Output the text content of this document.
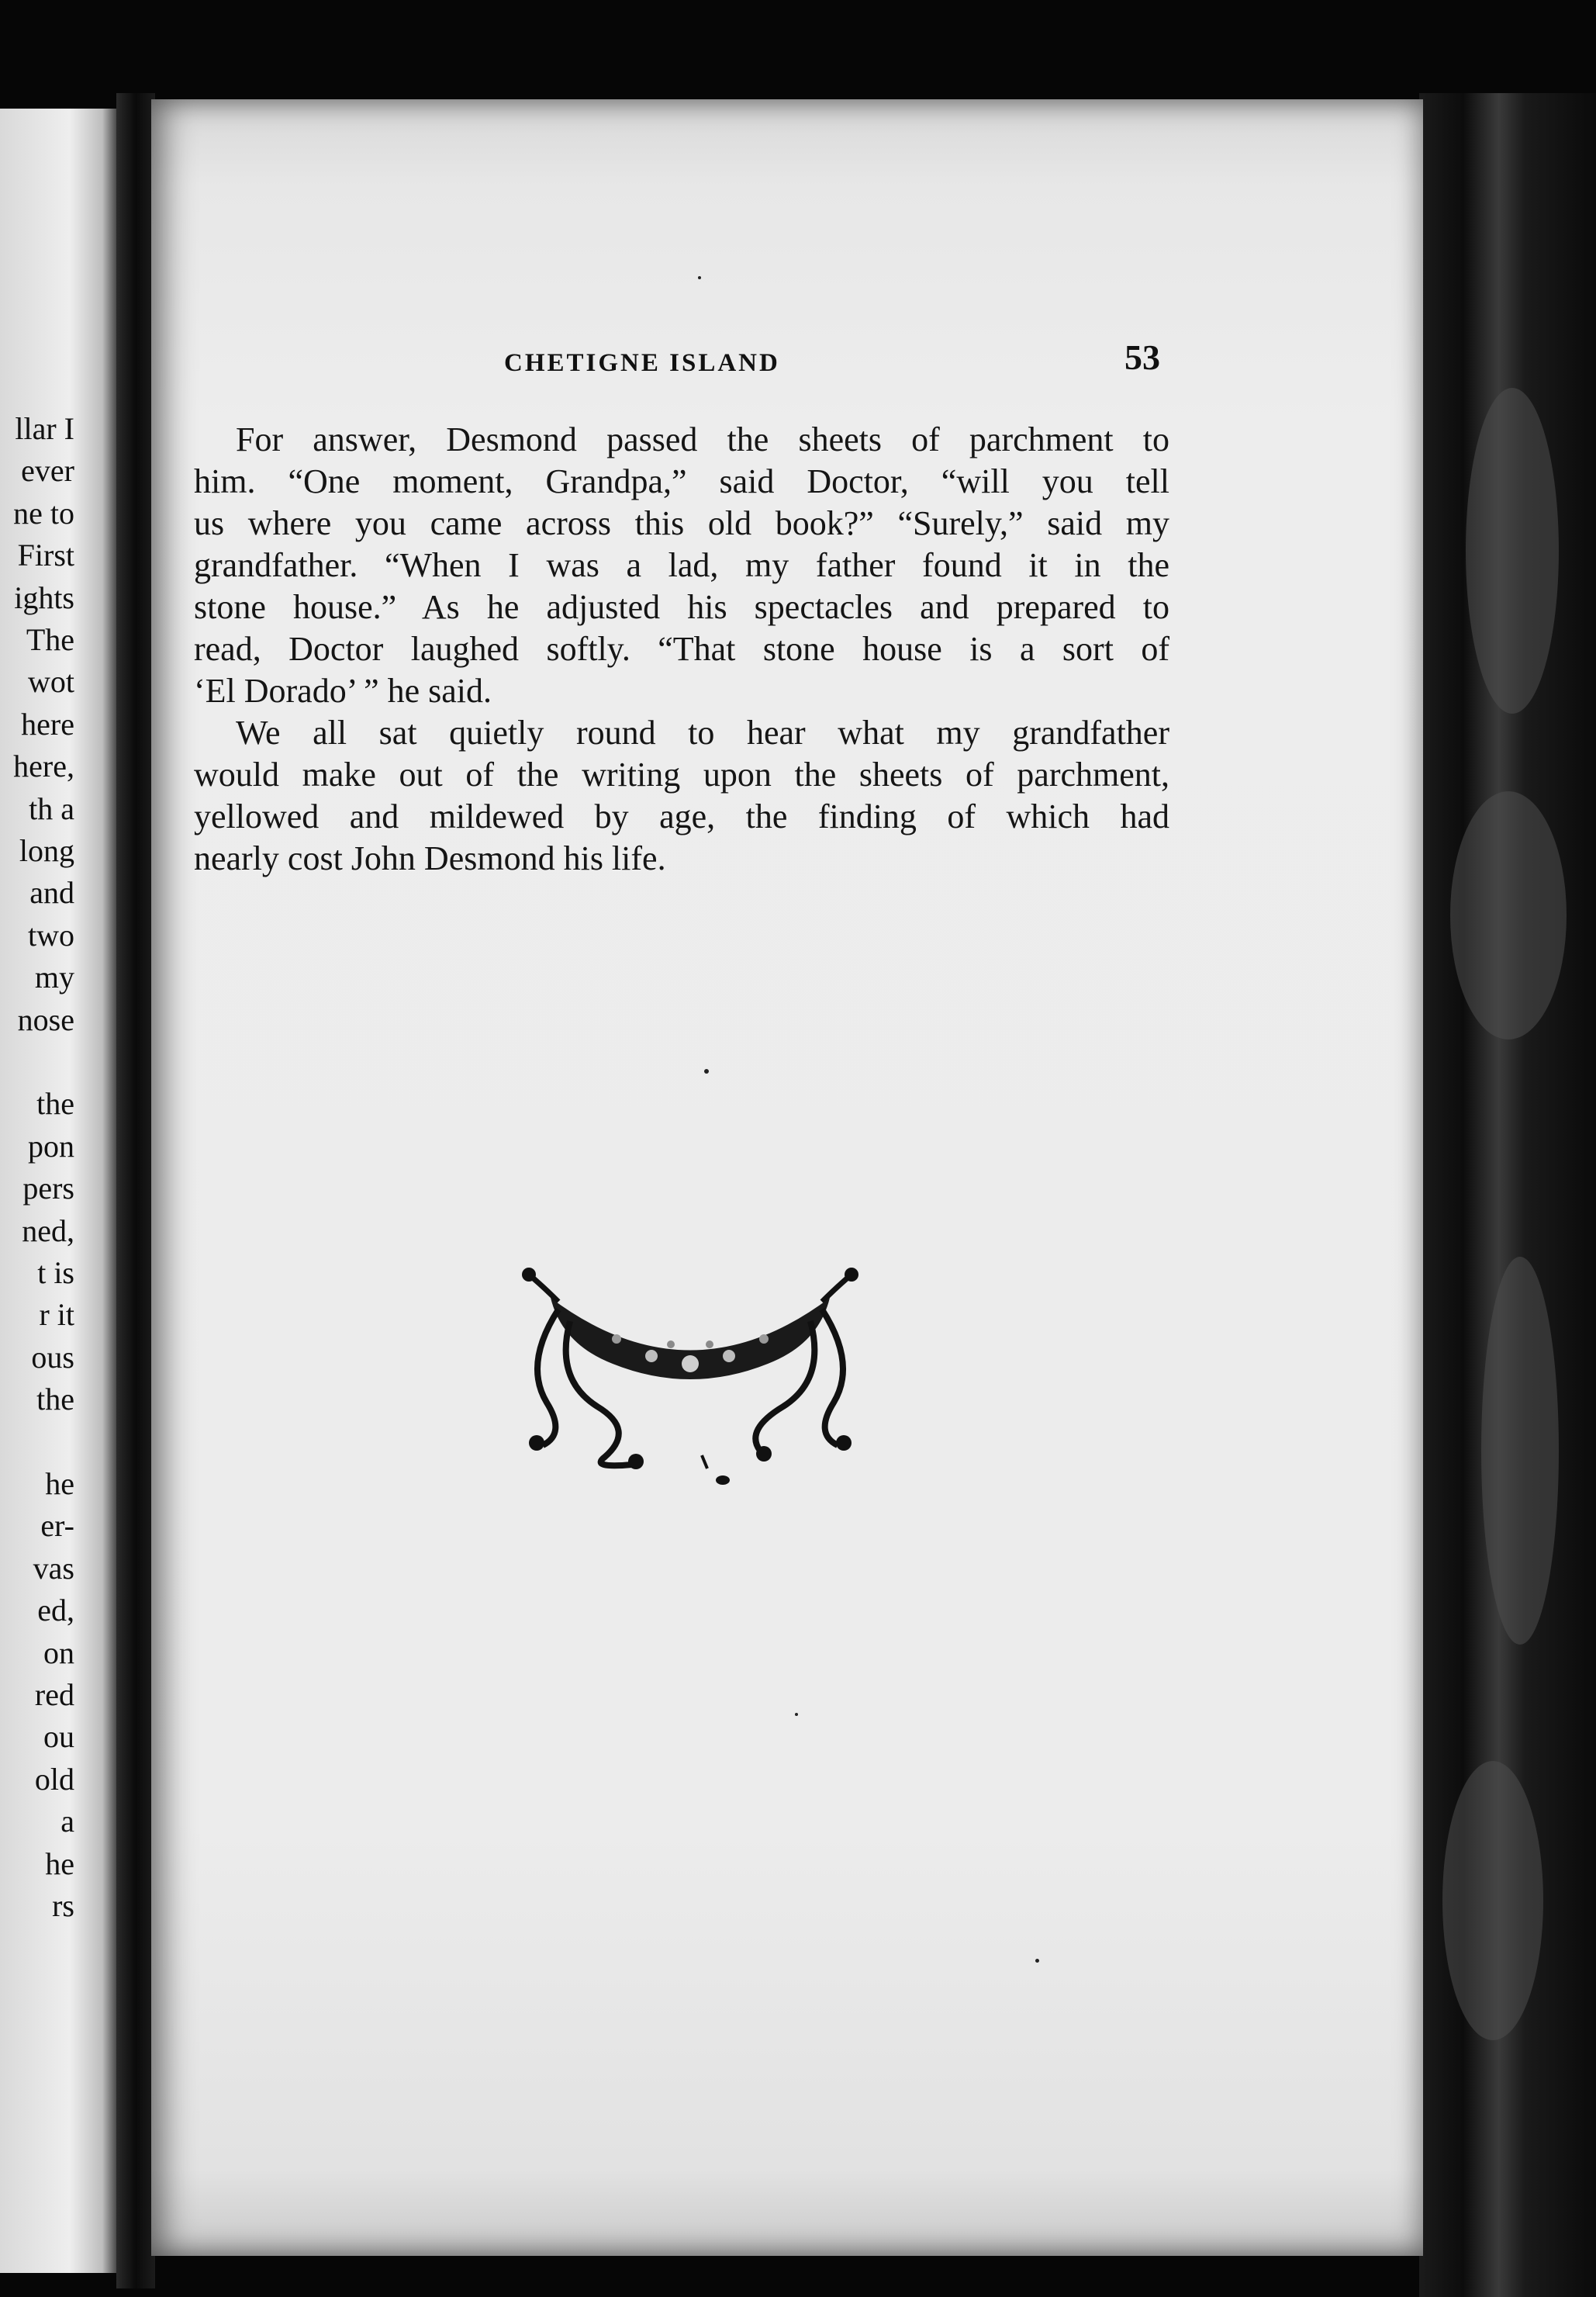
llar I
ever
ne to
First
ights
The
wot
here
here,
th a
long
and
two
my
nose
the
pon
pers
ned,
t is
r it
ous
the
he
er-
vas
ed,
on
red
ou
old
a
he
rs
CHETIGNE ISLAND	53
For answer, Desmond passed the sheets of parchment to
him. “One moment, Grandpa,” said Doctor, “will you tell
us where you came across this old book?” “Surely,” said my
grandfather. “When I was a lad, my father found it in the
stone house.” As he adjusted his spectacles and prepared to
read, Doctor laughed softly. “That stone house is a sort of
‘El Dorado’ ” he said.
We all sat quietly round to hear what my grandfather
would make out of the writing upon the sheets of parchment,
yellowed and mildewed by age, the finding of which had
nearly cost John Desmond his life.
